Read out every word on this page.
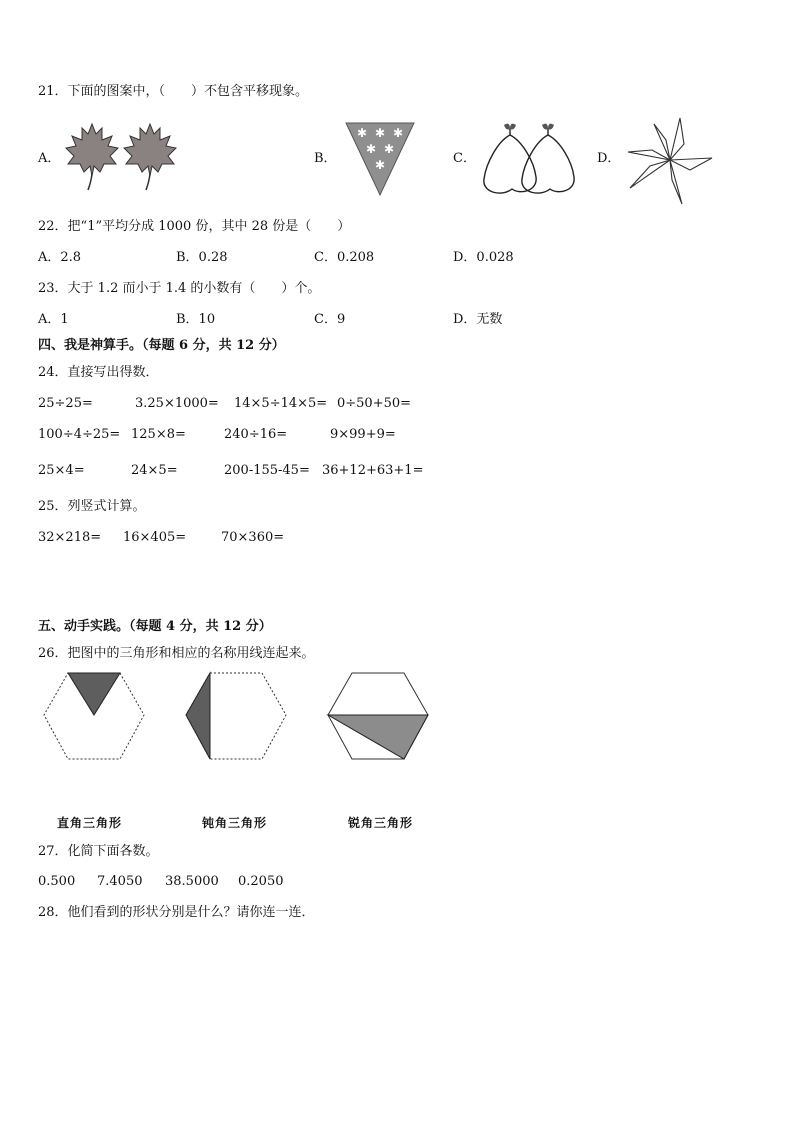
21．下面的图案中，（　　）不包含平移现象。
A．	B．	C．	D．
✱ ✱ ✱
✱ ✱
✱
22．把“1”平均分成 1000 份，其中 28 份是（　　）
A．2.8	B．0.28	C．0.208	D．0.028
23．大于 1.2 而小于 1.4 的小数有（　　）个。
A．1	B．10	C．9	D．无数
四、我是神算手。（每题 6 分，共 12 分）
24．直接写出得数．
25÷25=	3.25×1000= 14×5÷14×5= 0÷50+50=
100÷4÷25= 125×8=	240÷16=	9×99+9=
25×4=	24×5=	200-155-45= 36+12+63+1=
25．列竖式计算。
32×218= 16×405=	70×360=
五、动手实践。（每题 4 分，共 12 分）
26．把图中的三角形和相应的名称用线连起来。
直角三角形	钝角三角形	锐角三角形
27．化简下面各数。
0.500 7.4050 38.5000 0.2050
28．他们看到的形状分别是什么？请你连一连．
